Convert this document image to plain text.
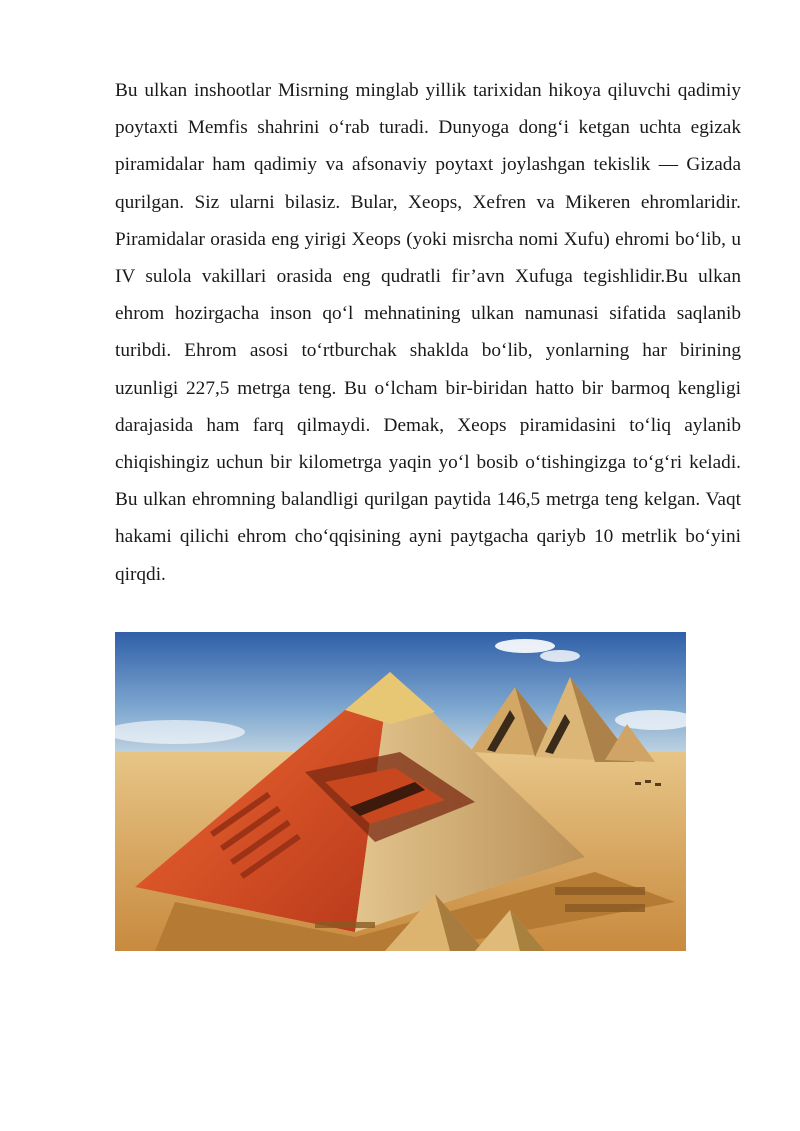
Bu ulkan inshootlar Misrning minglab yillik tarixidan hikoya qiluvchi qadimiy poytaxti Memfis shahrini o‘rab turadi. Dunyoga dong‘i ketgan uchta egizak piramidalar ham qadimiy va afsonaviy poytaxt joylashgan tekislik — Gizada qurilgan. Siz ularni bilasiz. Bular, Xeops, Xefren va Mikeren ehromlaridir. Piramidalar orasida eng yirigi Xeops (yoki misrcha nomi Xufu) ehromi bo‘lib, u IV sulola vakillari orasida eng qudratli fir’avn Xufuga tegishlidir.Bu ulkan ehrom hozirgacha inson qo‘l mehnatining ulkan namunasi sifatida saqlanib turibdi. Ehrom asosi to‘rtburchak shaklda bo‘lib, yonlarning har birining uzunligi 227,5 metrga teng. Bu o‘lcham bir-biridan hatto bir barmoq kengligi darajasida ham farq qilmaydi. Demak, Xeops piramidasini to‘liq aylanib chiqishingiz uchun bir kilometrga yaqin yo‘l bosib o‘tishingizga to‘g‘ri keladi. Bu ulkan ehromning balandligi qurilgan paytida 146,5 metrga teng kelgan. Vaqt hakami qilichi ehrom cho‘qqisining ayni paytgacha qariyb 10 metrlik bo‘yini qirqdi.
